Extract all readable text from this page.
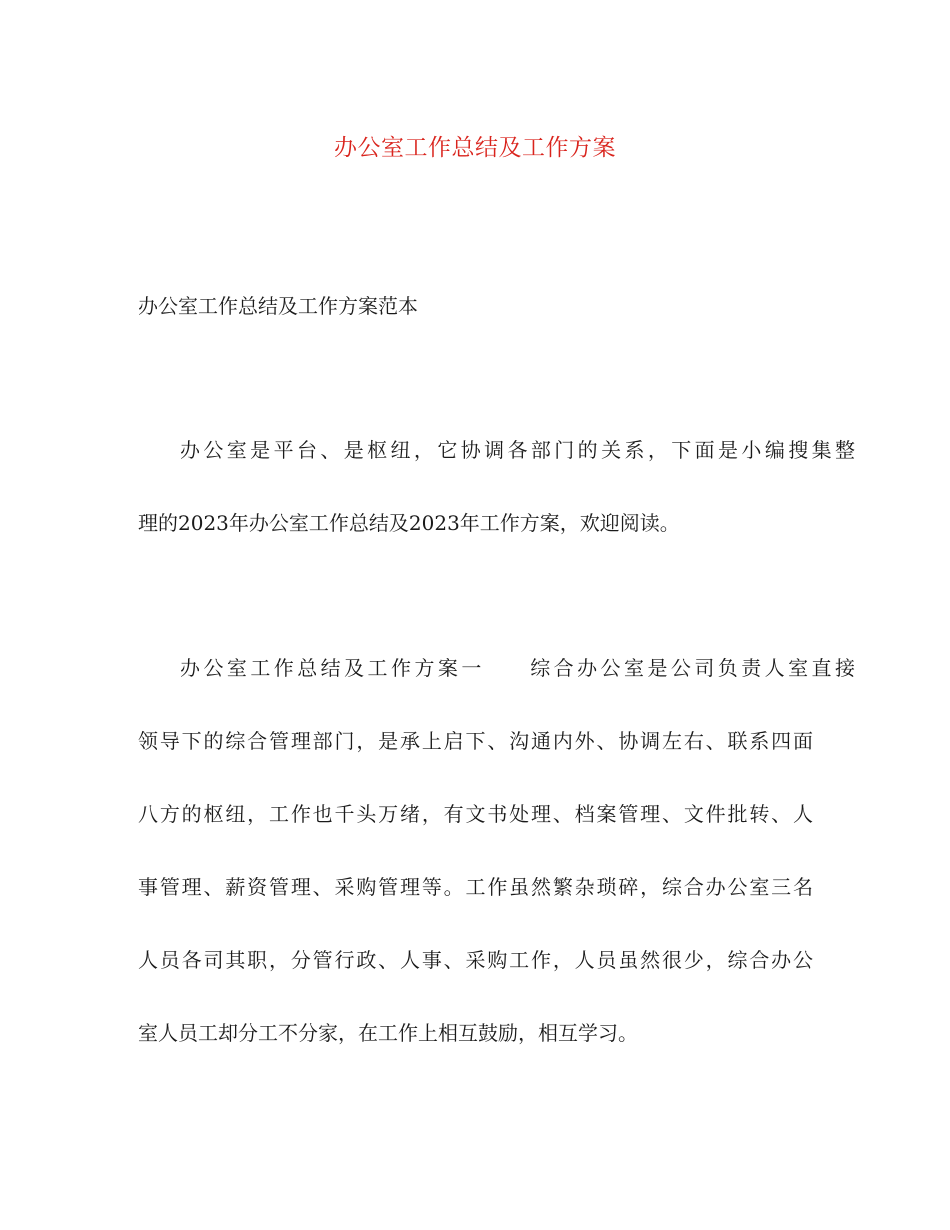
办公室工作总结及工作方案
办公室工作总结及工作方案范本
办公室是平台、是枢纽，它协调各部门的关系，下面是小编搜集整
理的2023年办公室工作总结及2023年工作方案，欢迎阅读。
办公室工作总结及工作方案一 综合办公室是公司负责人室直接
领导下的综合管理部门，是承上启下、沟通内外、协调左右、联系四面
八方的枢纽，工作也千头万绪，有文书处理、档案管理、文件批转、人
事管理、薪资管理、采购管理等。工作虽然繁杂琐碎，综合办公室三名
人员各司其职，分管行政、人事、采购工作，人员虽然很少，综合办公
室人员工却分工不分家，在工作上相互鼓励，相互学习。
